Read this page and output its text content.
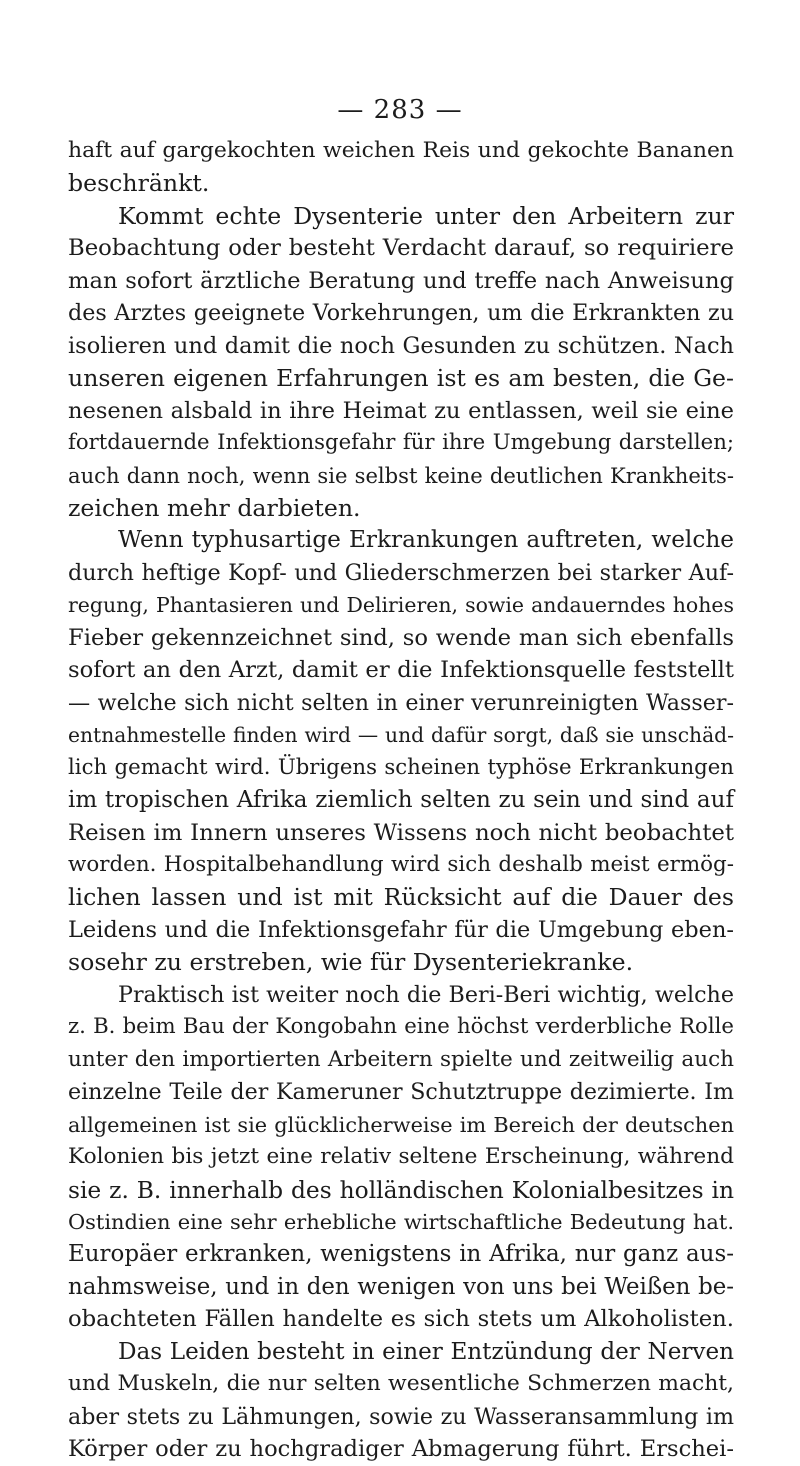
— 283 —
haft auf gargekochten weichen Reis und gekochte Bananen
beschränkt.
Kommt echte Dysenterie unter den Arbeitern zur
Beobachtung oder besteht Verdacht darauf, so requiriere
man sofort ärztliche Beratung und treffe nach Anweisung
des Arztes geeignete Vorkehrungen, um die Erkrankten zu
isolieren und damit die noch Gesunden zu schützen. Nach
unseren eigenen Erfahrungen ist es am besten, die Ge-
nesenen alsbald in ihre Heimat zu entlassen, weil sie eine
fortdauernde Infektionsgefahr für ihre Umgebung darstellen;
auch dann noch, wenn sie selbst keine deutlichen Krankheits-
zeichen mehr darbieten.
Wenn typhusartige Erkrankungen auftreten, welche
durch heftige Kopf- und Gliederschmerzen bei starker Auf-
regung, Phantasieren und Delirieren, sowie andauerndes hohes
Fieber gekennzeichnet sind, so wende man sich ebenfalls
sofort an den Arzt, damit er die Infektionsquelle feststellt
— welche sich nicht selten in einer verunreinigten Wasser-
entnahmestelle finden wird — und dafür sorgt, daß sie unschäd-
lich gemacht wird. Übrigens scheinen typhöse Erkrankungen
im tropischen Afrika ziemlich selten zu sein und sind auf
Reisen im Innern unseres Wissens noch nicht beobachtet
worden. Hospitalbehandlung wird sich deshalb meist ermög-
lichen lassen und ist mit Rücksicht auf die Dauer des
Leidens und die Infektionsgefahr für die Umgebung eben-
sosehr zu erstreben, wie für Dysenteriekranke.
Praktisch ist weiter noch die Beri-Beri wichtig, welche
z. B. beim Bau der Kongobahn eine höchst verderbliche Rolle
unter den importierten Arbeitern spielte und zeitweilig auch
einzelne Teile der Kameruner Schutztruppe dezimierte. Im
allgemeinen ist sie glücklicherweise im Bereich der deutschen
Kolonien bis jetzt eine relativ seltene Erscheinung, während
sie z. B. innerhalb des holländischen Kolonialbesitzes in
Ostindien eine sehr erhebliche wirtschaftliche Bedeutung hat.
Europäer erkranken, wenigstens in Afrika, nur ganz aus-
nahmsweise, und in den wenigen von uns bei Weißen be-
obachteten Fällen handelte es sich stets um Alkoholisten.
Das Leiden besteht in einer Entzündung der Nerven
und Muskeln, die nur selten wesentliche Schmerzen macht,
aber stets zu Lähmungen, sowie zu Wasseransammlung im
Körper oder zu hochgradiger Abmagerung führt. Erschei-
